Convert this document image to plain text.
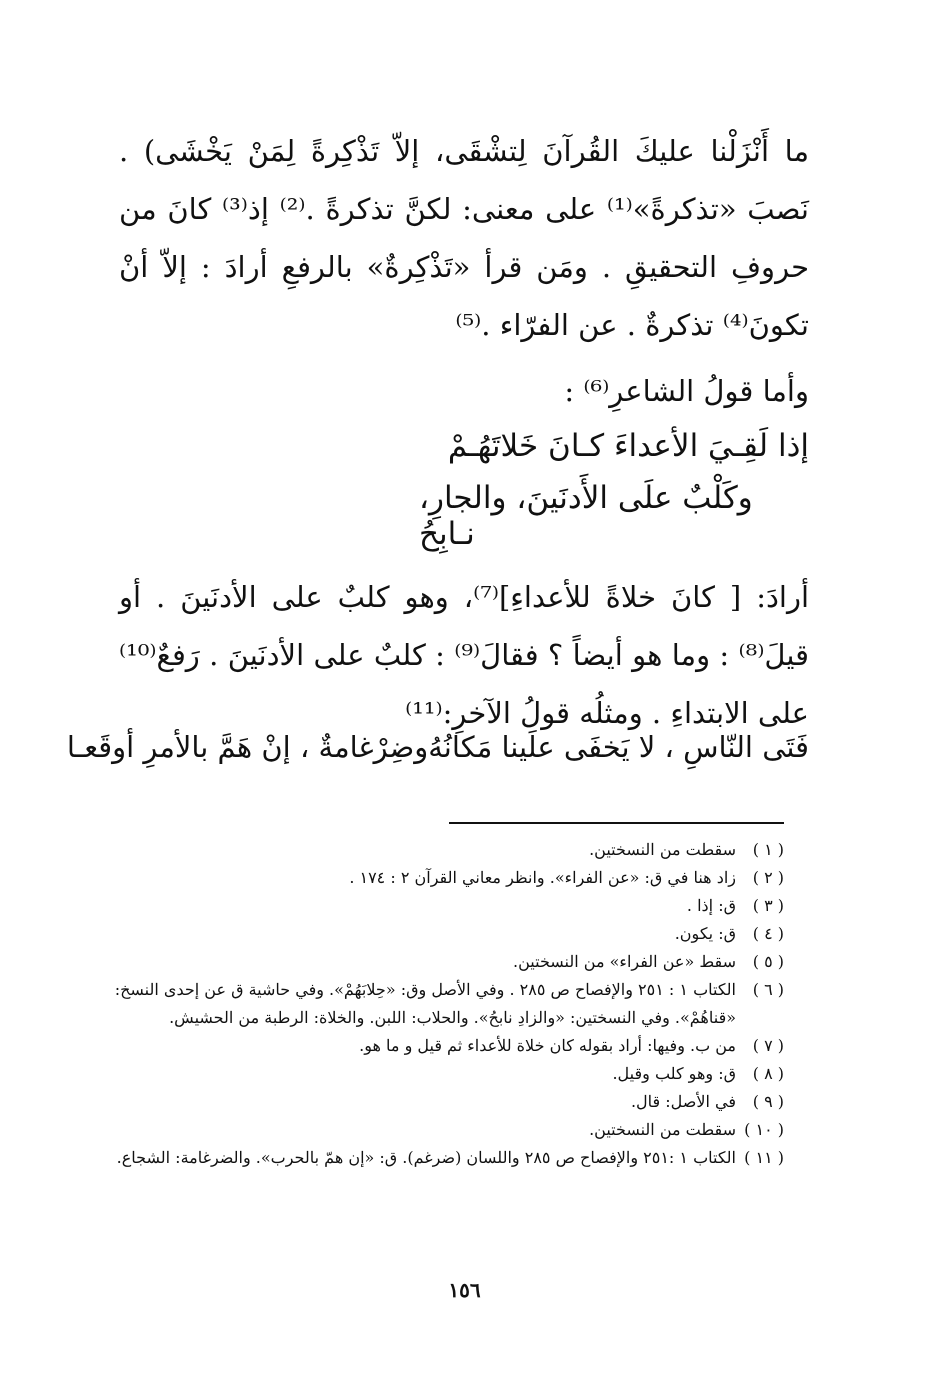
ما أَنْزَلْنا عليكَ القُرآنَ لِتشْقَى، إلاّ تَذْكِرةً لِمَنْ يَخْشَى) . نَصبَ «تذكرةً»⁽¹⁾ على معنى: لكنَّ تذكرةً .⁽²⁾ إذ⁽³⁾ كانَ من حروفِ التحقيقِ . ومَن قرأ «تَذْكِرةٌ» بالرفعِ أرادَ : إلاّ أنْ تكونَ⁽⁴⁾ تذكرةٌ . عن الفرّاء .⁽⁵⁾
وأما قولُ الشاعرِ⁽⁶⁾ :
إذا لَقِـيَ الأعداءَ كـانَ خَلاتَهُـمْ
وكَلْبٌ علَى الأَدنَينَ، والجارِ، نـابِحُ
أرادَ: [ كانَ خلاةً للأعداءِ]⁽⁷⁾، وهو كلبٌ على الأدنَينَ . أو قيلَ⁽⁸⁾ : وما هو أيضاً ؟ فقالَ⁽⁹⁾ : كلبٌ على الأدنَينَ . رَفعٌ⁽¹⁰⁾ على الابتداءِ . ومثلُه قولُ الآخرِ:⁽¹¹⁾
فَتَى النّاسِ ، لا يَخفَى علَينا مَكانُهُ
وضِرْغامةٌ ، إنْ هَمَّ بالأمرِ أوقَعـا
( ١ )
سقطت من النسختين.
( ٢ )
زاد هنا في ق: «عن الفراء». وانظر معاني القرآن ٢ : ١٧٤ .
( ٣ )
ق: إذا .
( ٤ )
ق: يكون.
( ٥ )
سقط «عن الفراء» من النسختين.
( ٦ )
الكتاب ١ : ٢٥١ والإفصاح ص ٢٨٥ . وفي الأصل وق: «حِلابَهُمْ». وفي حاشية ق عن إحدى النسخ: «قناهُمْ». وفي النسختين: «والزادِ نابحُ». والحلاب: اللبن. والخلاة: الرطبة من الحشيش.
( ٧ )
من ب. وفيها: أراد بقوله كان خلاة للأعداء ثم قيل و ما هو.
( ٨ )
ق: وهو كلب وقيل.
( ٩ )
في الأصل: قال.
( ١٠ )
سقطت من النسختين.
( ١١ )
الكتاب ١ :٢٥١ والإفصاح ص ٢٨٥ واللسان (ضرغم). ق: «إن همّ بالحرب». والضرغامة: الشجاع.
١٥٦
